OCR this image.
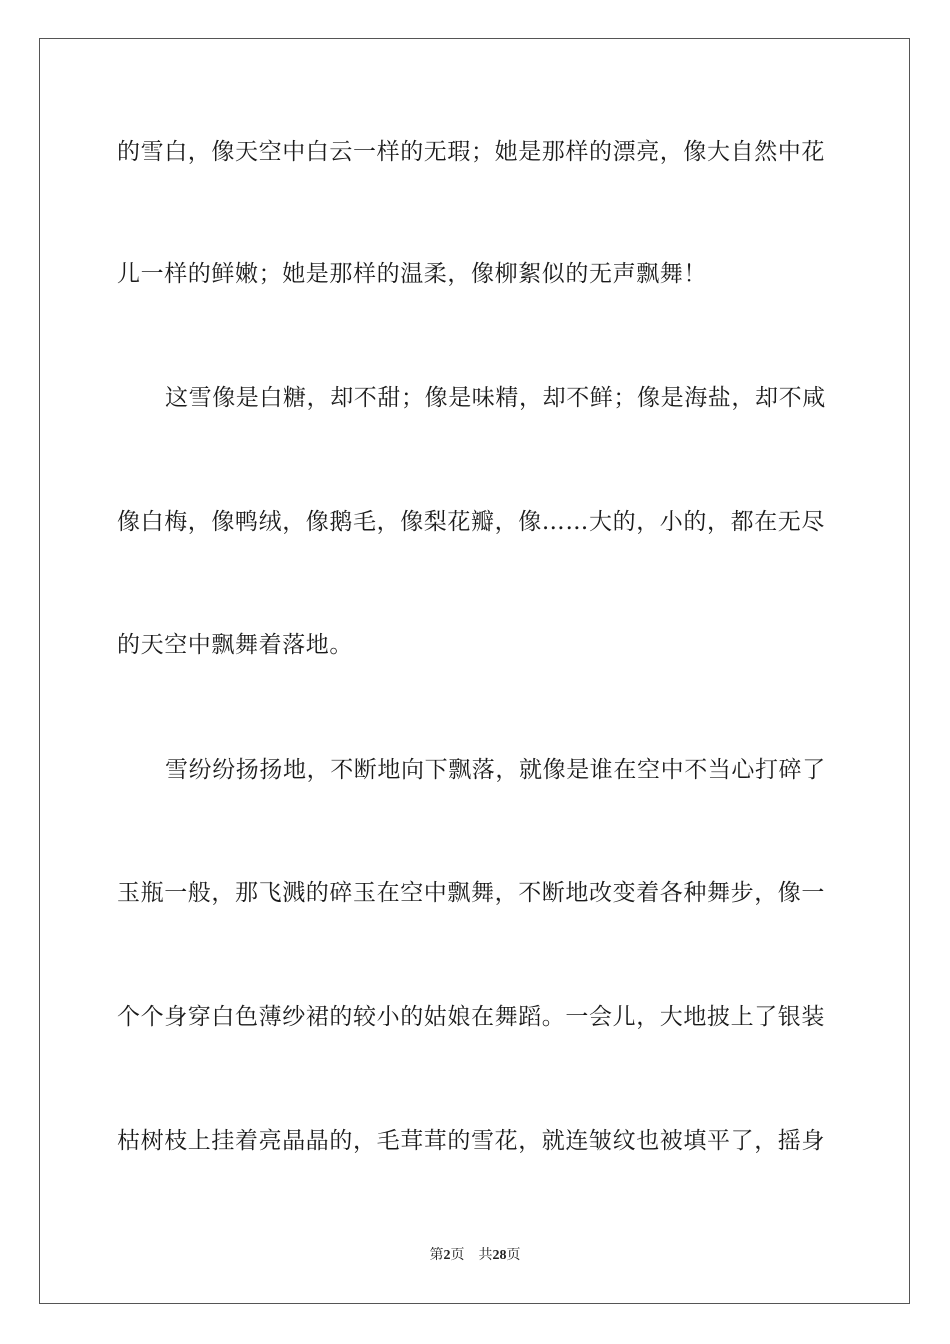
的雪白，像天空中白云一样的无瑕；她是那样的漂亮，像大自然中花
儿一样的鲜嫩；她是那样的温柔，像柳絮似的无声飘舞！
这雪像是白糖，却不甜；像是味精，却不鲜；像是海盐，却不咸
像白梅，像鸭绒，像鹅毛，像梨花瓣，像……大的，小的，都在无尽
的天空中飘舞着落地。
雪纷纷扬扬地，不断地向下飘落，就像是谁在空中不当心打碎了
玉瓶一般，那飞溅的碎玉在空中飘舞，不断地改变着各种舞步，像一
个个身穿白色薄纱裙的较小的姑娘在舞蹈。一会儿，大地披上了银装
枯树枝上挂着亮晶晶的，毛茸茸的雪花，就连皱纹也被填平了，摇身
第2页 共28页
